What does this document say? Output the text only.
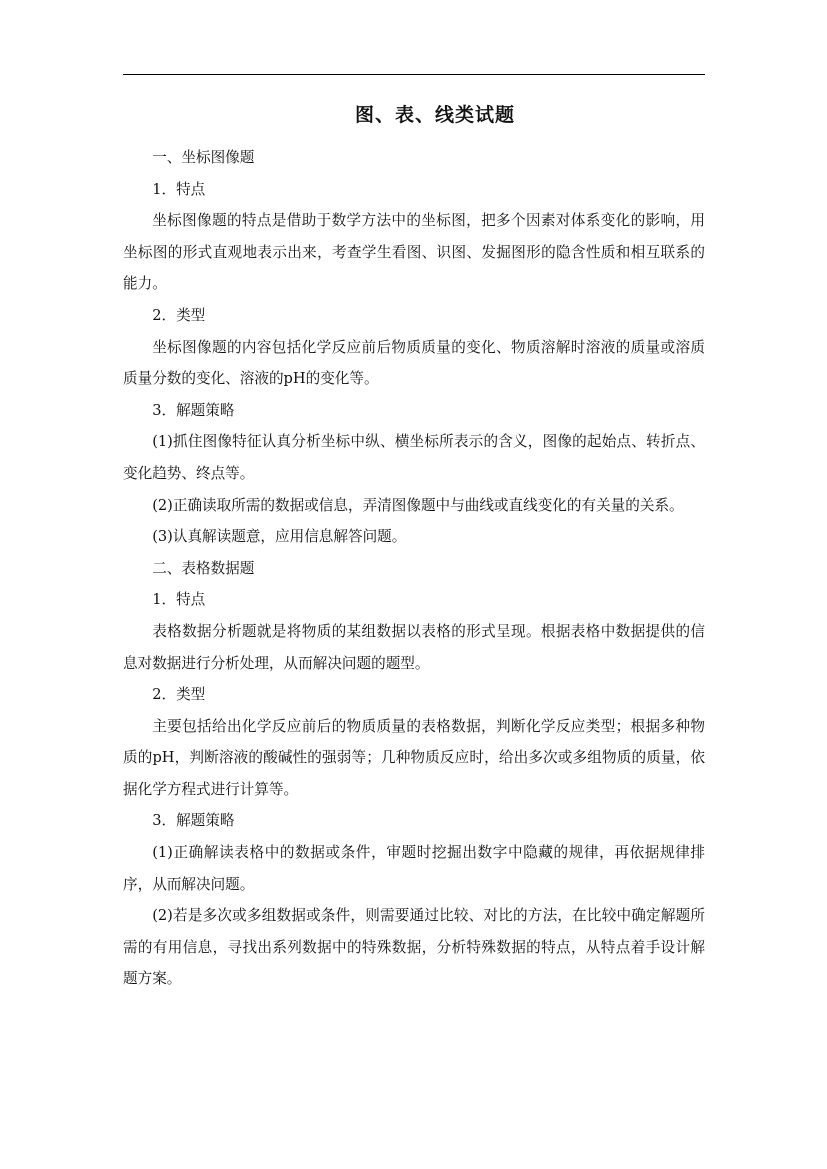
图、表、线类试题

一、坐标图像题

1．特点

坐标图像题的特点是借助于数学方法中的坐标图，把多个因素对体系变化的影响，用坐标图的形式直观地表示出来，考查学生看图、识图、发掘图形的隐含性质和相互联系的能力。

2．类型

坐标图像题的内容包括化学反应前后物质质量的变化、物质溶解时溶液的质量或溶质质量分数的变化、溶液的pH的变化等。

3．解题策略

(1)抓住图像特征认真分析坐标中纵、横坐标所表示的含义，图像的起始点、转折点、变化趋势、终点等。

(2)正确读取所需的数据或信息，弄清图像题中与曲线或直线变化的有关量的关系。

(3)认真解读题意，应用信息解答问题。

二、表格数据题

1．特点

表格数据分析题就是将物质的某组数据以表格的形式呈现。根据表格中数据提供的信息对数据进行分析处理，从而解决问题的题型。

2．类型

主要包括给出化学反应前后的物质质量的表格数据，判断化学反应类型；根据多种物质的pH，判断溶液的酸碱性的强弱等；几种物质反应时，给出多次或多组物质的质量，依据化学方程式进行计算等。

3．解题策略

(1)正确解读表格中的数据或条件，审题时挖掘出数字中隐藏的规律，再依据规律排序，从而解决问题。

(2)若是多次或多组数据或条件，则需要通过比较、对比的方法，在比较中确定解题所需的有用信息，寻找出系列数据中的特殊数据，分析特殊数据的特点，从特点着手设计解题方案。
